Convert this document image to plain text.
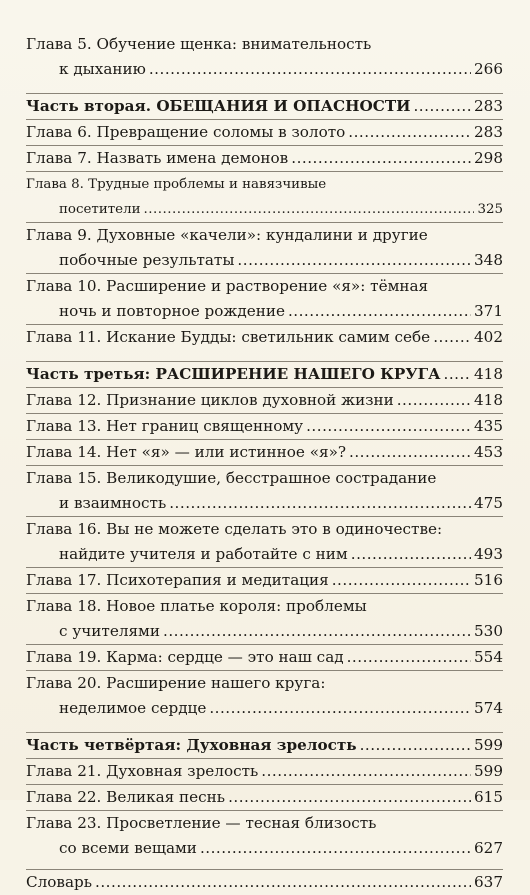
Глава 5. Обучение щенка: внимательность
к дыханию .....	266
Часть вторая. ОБЕЩАНИЯ И ОПАСНОСТИ .....	283
Глава 6. Превращение соломы в золото .....	283
Глава 7. Назвать имена демонов .....	298
Глава 8. Трудные проблемы и навязчивые
посетители .....	325
Глава 9. Духовные «качели»: кундалини и другие
побочные результаты .....	348
Глава 10. Расширение и растворение «я»: тёмная
ночь и повторное рождение .....	371
Глава 11. Искание Будды: светильник самим себе .....	402
Часть третья: РАСШИРЕНИЕ НАШЕГО КРУГА ..... 418
Глава 12. Признание циклов духовной жизни .....	418
Глава 13. Нет границ священному .....	435
Глава 14. Нет «я» — или истинное «я»? .....	453
Глава 15. Великодушие, бесстрашное сострадание
и взаимность .....	475
Глава 16. Вы не можете сделать это в одиночестве:
найдите учителя и работайте с ним .....	493
Глава 17. Психотерапия и медитация .....	516
Глава 18. Новое платье короля: проблемы
с учителями .....	530
Глава 19. Карма: сердце — это наш сад .....	554
Глава 20. Расширение нашего круга:
неделимое сердце .....	574
Часть четвёртая: Духовная зрелость .....	599
Глава 21. Духовная зрелость .....	599
Глава 22. Великая песнь .....	615
Глава 23. Просветление — тесная близость
со всеми вещами .....	627
Словарь .....	637
